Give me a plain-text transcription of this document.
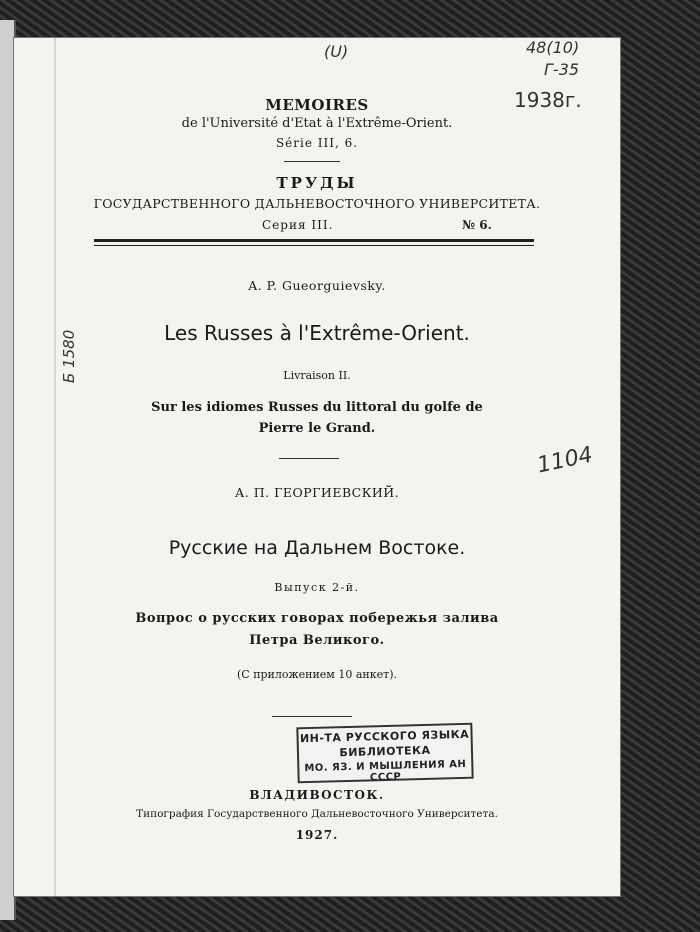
(U)	48(10)
Г-35
1938г.
Б 1580
1104
MEMOIRES
de l'Université d'Etat à l'Extrême-Orient.
Série III, 6.
ТРУДЫ
ГОСУДАРСТВЕННОГО ДАЛЬНЕВОСТОЧНОГО УНИВЕРСИТЕТА.
Серия III.	№ 6.
A. P. Gueorguievsky.
Les Russes à l'Extrême-Orient.
Livraison II.
Sur les idiomes Russes du littoral du golfe de
Pierre le Grand.
А. П. ГЕОРГИЕВСКИЙ.
Русские на Дальнем Востоке.
Выпуск 2-й.
Вопрос о русских говорах побережья залива
Петра Великого.
(С приложением 10 анкет).
ИН-ТА РУССКОГО ЯЗЫКА
БИБЛИОТЕКА
МО. ЯЗ. И МЫШЛЕНИЯ АН СССР
ВЛАДИВОСТОК.
Типография Государственного Дальневосточного Университета.
1927.
